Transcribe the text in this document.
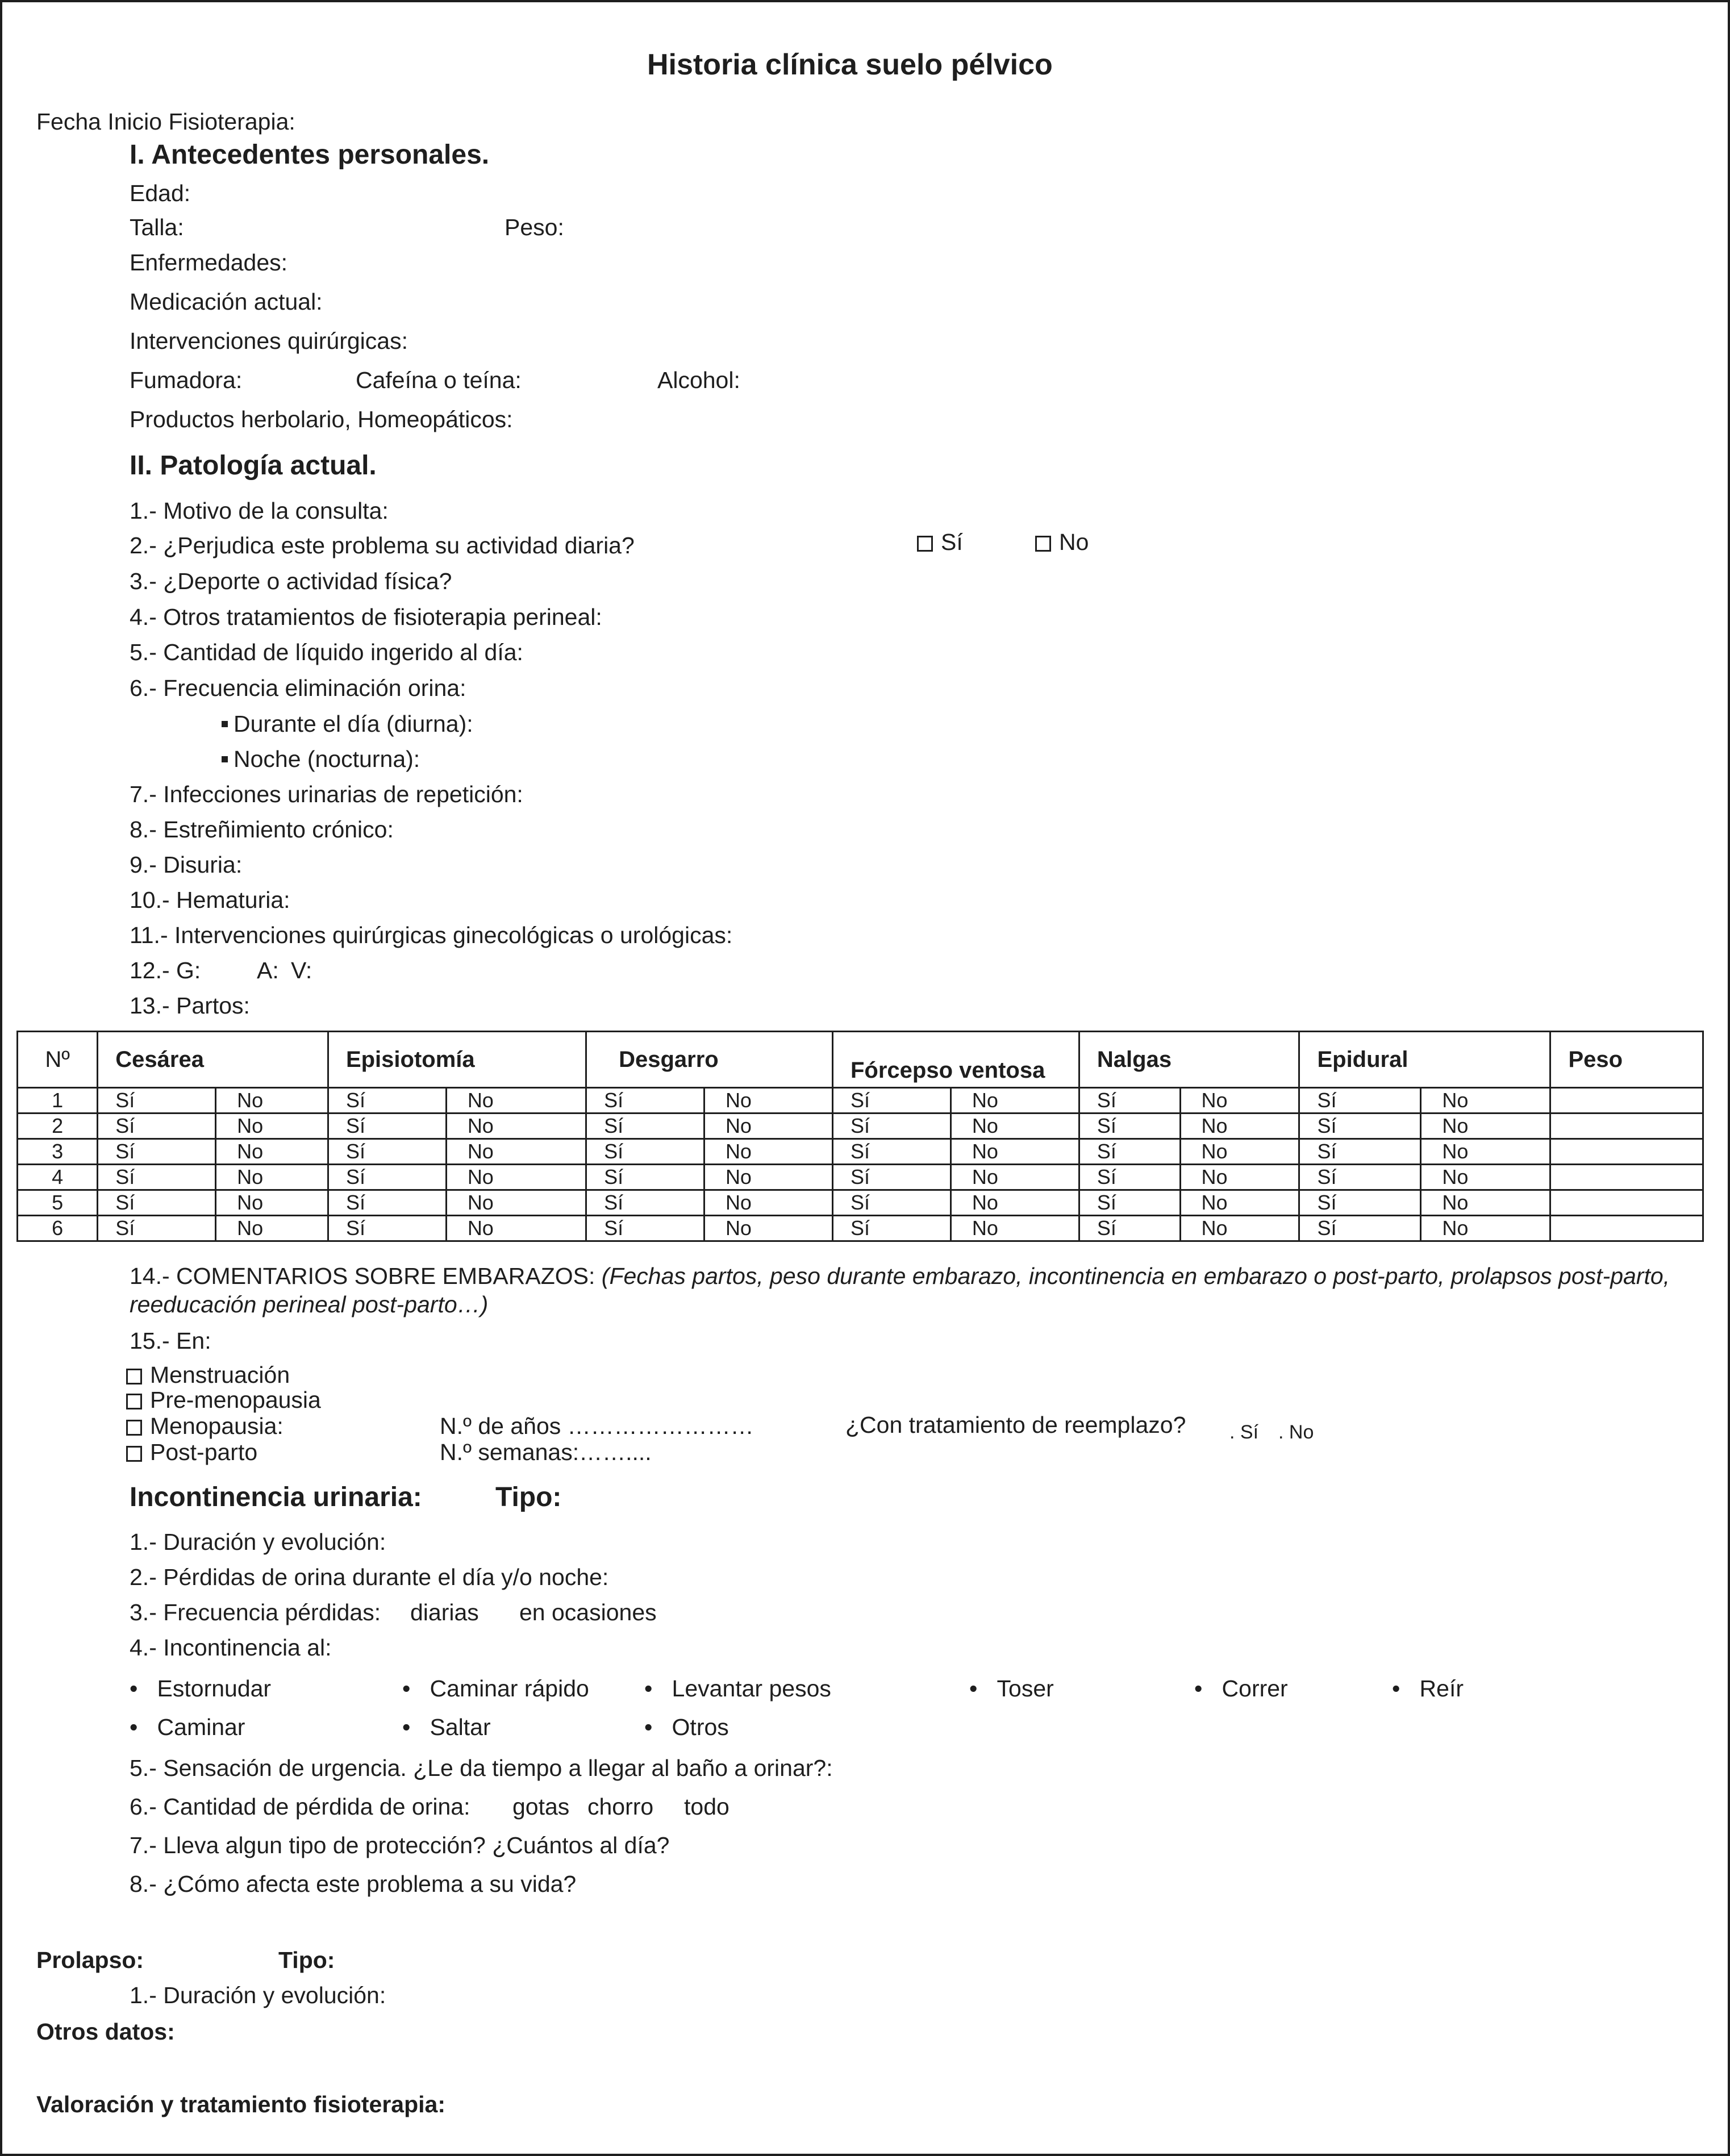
Historia clínica suelo pélvico
Fecha Inicio Fisioterapia:
I. Antecedentes personales.
Edad:
Talla:	Peso:
Enfermedades:
Medicación actual:
Intervenciones quirúrgicas:
Fumadora:	Cafeína o teína:	Alcohol:
Productos herbolario, Homeopáticos:
II. Patología actual.
1.- Motivo de la consulta:
2.- ¿Perjudica este problema su actividad diaria?	Sí	No
3.- ¿Deporte o actividad física?
4.- Otros tratamientos de fisioterapia perineal:
5.- Cantidad de líquido ingerido al día:
6.- Frecuencia eliminación orina:
Durante el día (diurna):
Noche (nocturna):
7.- Infecciones urinarias de repetición:
8.- Estreñimiento crónico:
9.- Disuria:
10.- Hematuria:
11.- Intervenciones quirúrgicas ginecológicas o urológicas:
12.- G: A: V:
13.- Partos:
Nº	Cesárea		Episiotomía		Desgarro		Fórcepso ventosa		Nalgas		Epidural		Peso
1	Sí	No	Sí	No	Sí	No	Sí	No	Sí	No	Sí	No	
2	Sí	No	Sí	No	Sí	No	Sí	No	Sí	No	Sí	No	
3	Sí	No	Sí	No	Sí	No	Sí	No	Sí	No	Sí	No	
4	Sí	No	Sí	No	Sí	No	Sí	No	Sí	No	Sí	No	
5	Sí	No	Sí	No	Sí	No	Sí	No	Sí	No	Sí	No	
6	Sí	No	Sí	No	Sí	No	Sí	No	Sí	No	Sí	No	
14.- COMENTARIOS SOBRE EMBARAZOS: (Fechas partos, peso durante embarazo, incontinencia en embarazo o post-parto, prolapsos post-parto,
reeducación perineal post-parto…)
15.- En:
Menstruación
Pre-menopausia
Menopausia:
Post-parto
N.º de años ……………………
N.º semanas:……....
¿Con tratamiento de reemplazo? . Sí . No
Incontinencia urinaria:	Tipo:
1.- Duración y evolución:
2.- Pérdidas de orina durante el día y/o noche:
3.- Frecuencia pérdidas: diarias en ocasiones
4.- Incontinencia al:
•   Estornudar	•   Caminar rápido •   Levantar pesos	•   Toser	•   Correr	•   Reír
•   Caminar	•   Saltar	•   Otros
5.- Sensación de urgencia. ¿Le da tiempo a llegar al baño a orinar?:
6.- Cantidad de pérdida de orina: gotas chorro todo
7.- Lleva algun tipo de protección? ¿Cuántos al día?
8.- ¿Cómo afecta este problema a su vida?
Prolapso:	Tipo:
1.- Duración y evolución:
Otros datos:
Valoración y tratamiento fisioterapia:
